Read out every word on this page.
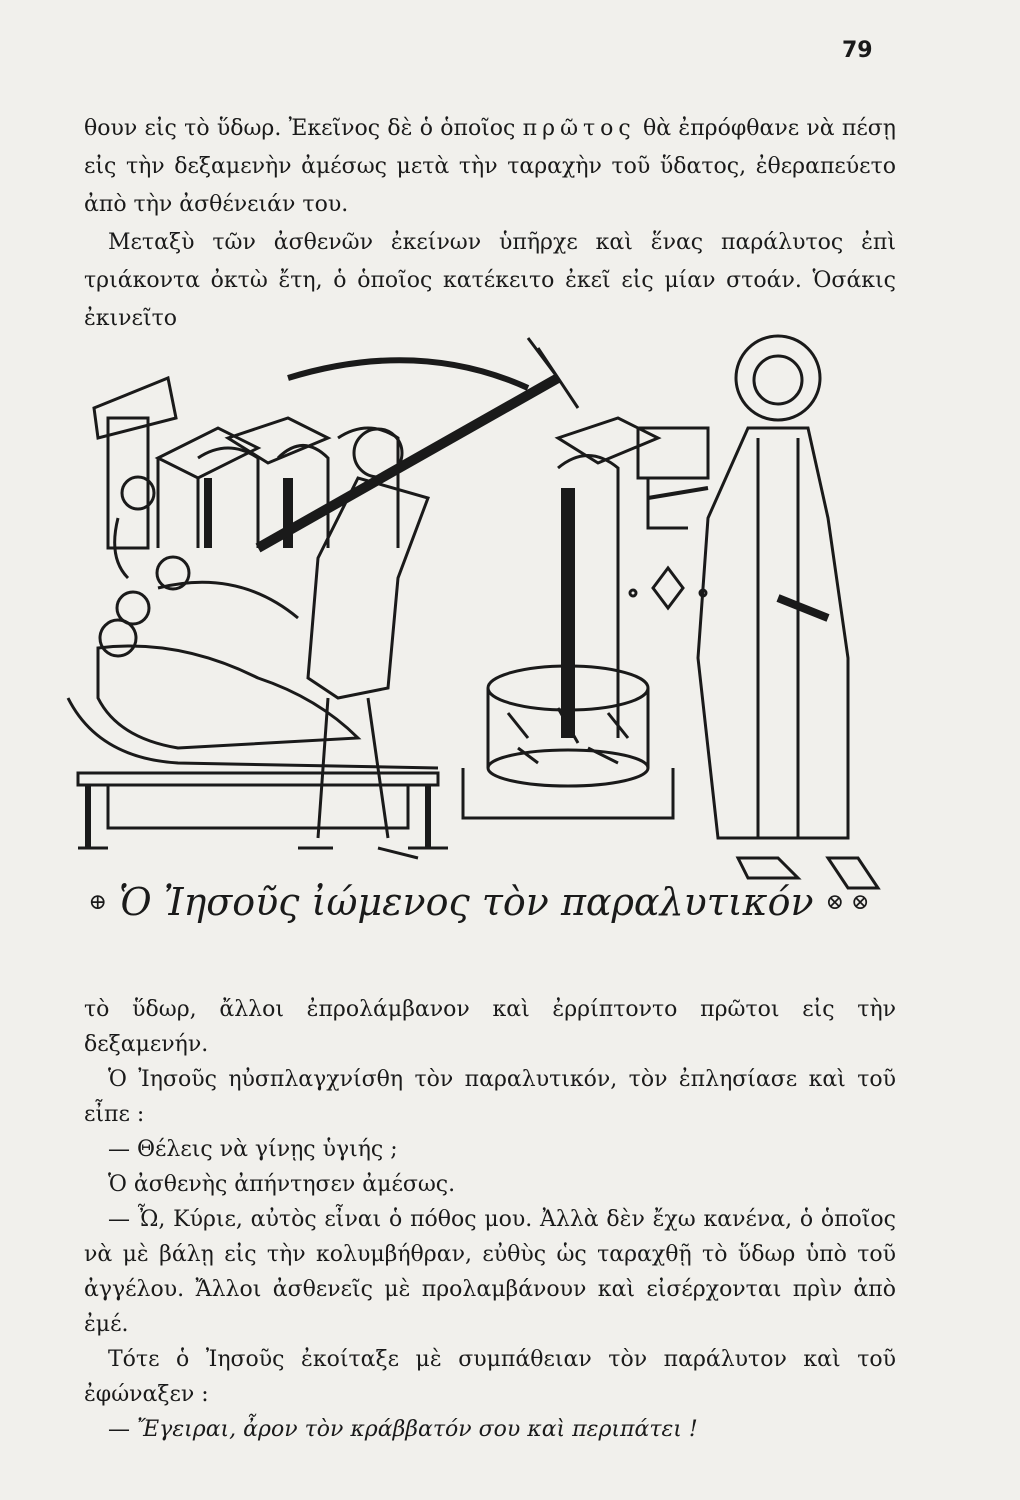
79

θουν εἰς τὸ ὕδωρ. Ἐκεῖνος δὲ ὁ ὁποῖος πρῶτος θὰ ἐπρόφθανε νὰ πέσῃ εἰς τὴν δεξαμενὴν ἀμέσως μετὰ τὴν ταραχὴν τοῦ ὕδατος, ἐθεραπεύετο ἀπὸ τὴν ἀσθένειάν του.

Μεταξὺ τῶν ἀσθενῶν ἐκείνων ὑπῆρχε καὶ ἕνας παράλυτος ἐπὶ τριάκοντα ὀκτὼ ἔτη, ὁ ὁποῖος κατέκειτο ἐκεῖ εἰς μίαν στοάν. Ὁσάκις ἐκινεῖτο

⊕ Ὁ Ἰησοῦς ἰώμενος τὸν παραλυτικόν ⊗ ⊗

τὸ ὕδωρ, ἄλλοι ἐπρολάμβανον καὶ ἐρρίπτοντο πρῶτοι εἰς τὴν δεξαμενήν.

Ὁ Ἰησοῦς ηὐσπλαγχνίσθη τὸν παραλυτικόν, τὸν ἐπλησίασε καὶ τοῦ εἶπε :

— Θέλεις νὰ γίνῃς ὑγιής ;

Ὁ ἀσθενὴς ἀπήντησεν ἀμέσως.

— Ὦ, Κύριε, αὐτὸς εἶναι ὁ πόθος μου. Ἀλλὰ δὲν ἔχω κανένα, ὁ ὁποῖος νὰ μὲ βάλῃ εἰς τὴν κολυμβήθραν, εὐθὺς ὡς ταραχθῇ τὸ ὕδωρ ὑπὸ τοῦ ἀγγέλου. Ἄλλοι ἀσθενεῖς μὲ προλαμβάνουν καὶ εἰσέρχονται πρὶν ἀπὸ ἐμέ.

Τότε ὁ Ἰησοῦς ἐκοίταξε μὲ συμπάθειαν τὸν παράλυτον καὶ τοῦ ἐφώναξεν :

— Ἔγειραι, ἆρον τὸν κράββατόν σου καὶ περιπάτει !
